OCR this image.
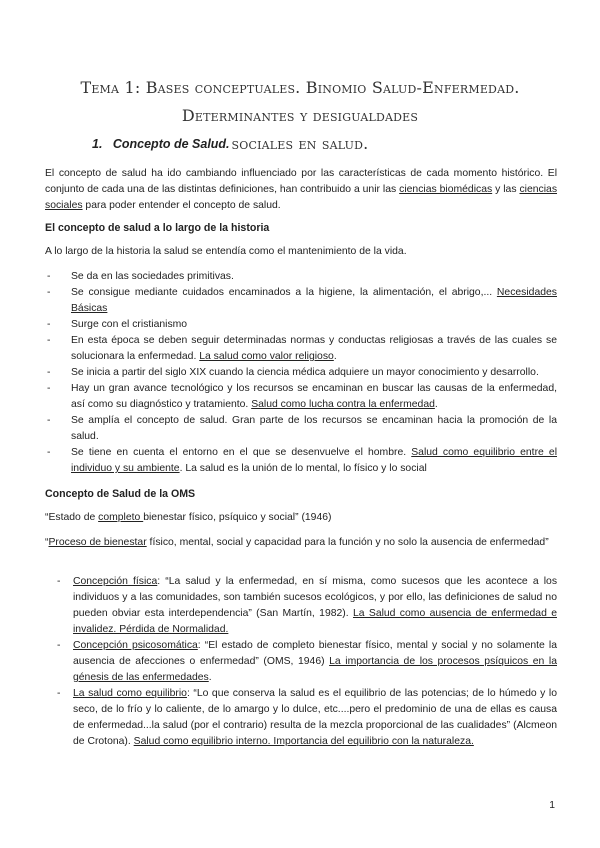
Tema 1: Bases conceptuales. Binomio Salud-Enfermedad. Determinantes y desigualdades
sociales en salud.
1. Concepto de Salud.
El concepto de salud ha ido cambiando influenciado por las características de cada momento histórico. El conjunto de cada una de las distintas definiciones, han contribuido a unir las ciencias biomédicas y las ciencias sociales para poder entender el concepto de salud.
El concepto de salud a lo largo de la historia
A lo largo de la historia la salud se entendía como el mantenimiento de la vida.
- Se da en las sociedades primitivas.
- Se consigue mediante cuidados encaminados a la higiene, la alimentación, el abrigo,... Necesidades Básicas
- Surge con el cristianismo
- En esta época se deben seguir determinadas normas y conductas religiosas a través de las cuales se solucionara la enfermedad. La salud como valor religioso.
- Se inicia a partir del siglo XIX cuando la ciencia médica adquiere un mayor conocimiento y desarrollo.
- Hay un gran avance tecnológico y los recursos se encaminan en buscar las causas de la enfermedad, así como su diagnóstico y tratamiento. Salud como lucha contra la enfermedad.
- Se amplía el concepto de salud. Gran parte de los recursos se encaminan hacia la promoción de la salud.
- Se tiene en cuenta el entorno en el que se desenvuelve el hombre. Salud como equilibrio entre el individuo y su ambiente. La salud es la unión de lo mental, lo físico y lo social
Concepto de Salud de la OMS
“Estado de completo bienestar físico, psíquico y social” (1946)
“Proceso de bienestar físico, mental, social y capacidad para la función y no solo la ausencia de enfermedad”
- Concepción física: “La salud y la enfermedad, en sí misma, como sucesos que les acontece a los individuos y a las comunidades, son también sucesos ecológicos, y por ello, las definiciones de salud no pueden obviar esta interdependencia” (San Martín, 1982). La Salud como ausencia de enfermedad e invalidez. Pérdida de Normalidad.
- Concepción psicosomática: “El estado de completo bienestar físico, mental y social y no solamente la ausencia de afecciones o enfermedad” (OMS, 1946) La importancia de los procesos psíquicos en la génesis de las enfermedades.
- La salud como equilibrio: “Lo que conserva la salud es el equilibrio de las potencias; de lo húmedo y lo seco, de lo frío y lo caliente, de lo amargo y lo dulce, etc....pero el predominio de una de ellas es causa de enfermedad...la salud (por el contrario) resulta de la mezcla proporcional de las cualidades” (Alcmeon de Crotona). Salud como equilibrio interno. Importancia del equilibrio con la naturaleza.
1
